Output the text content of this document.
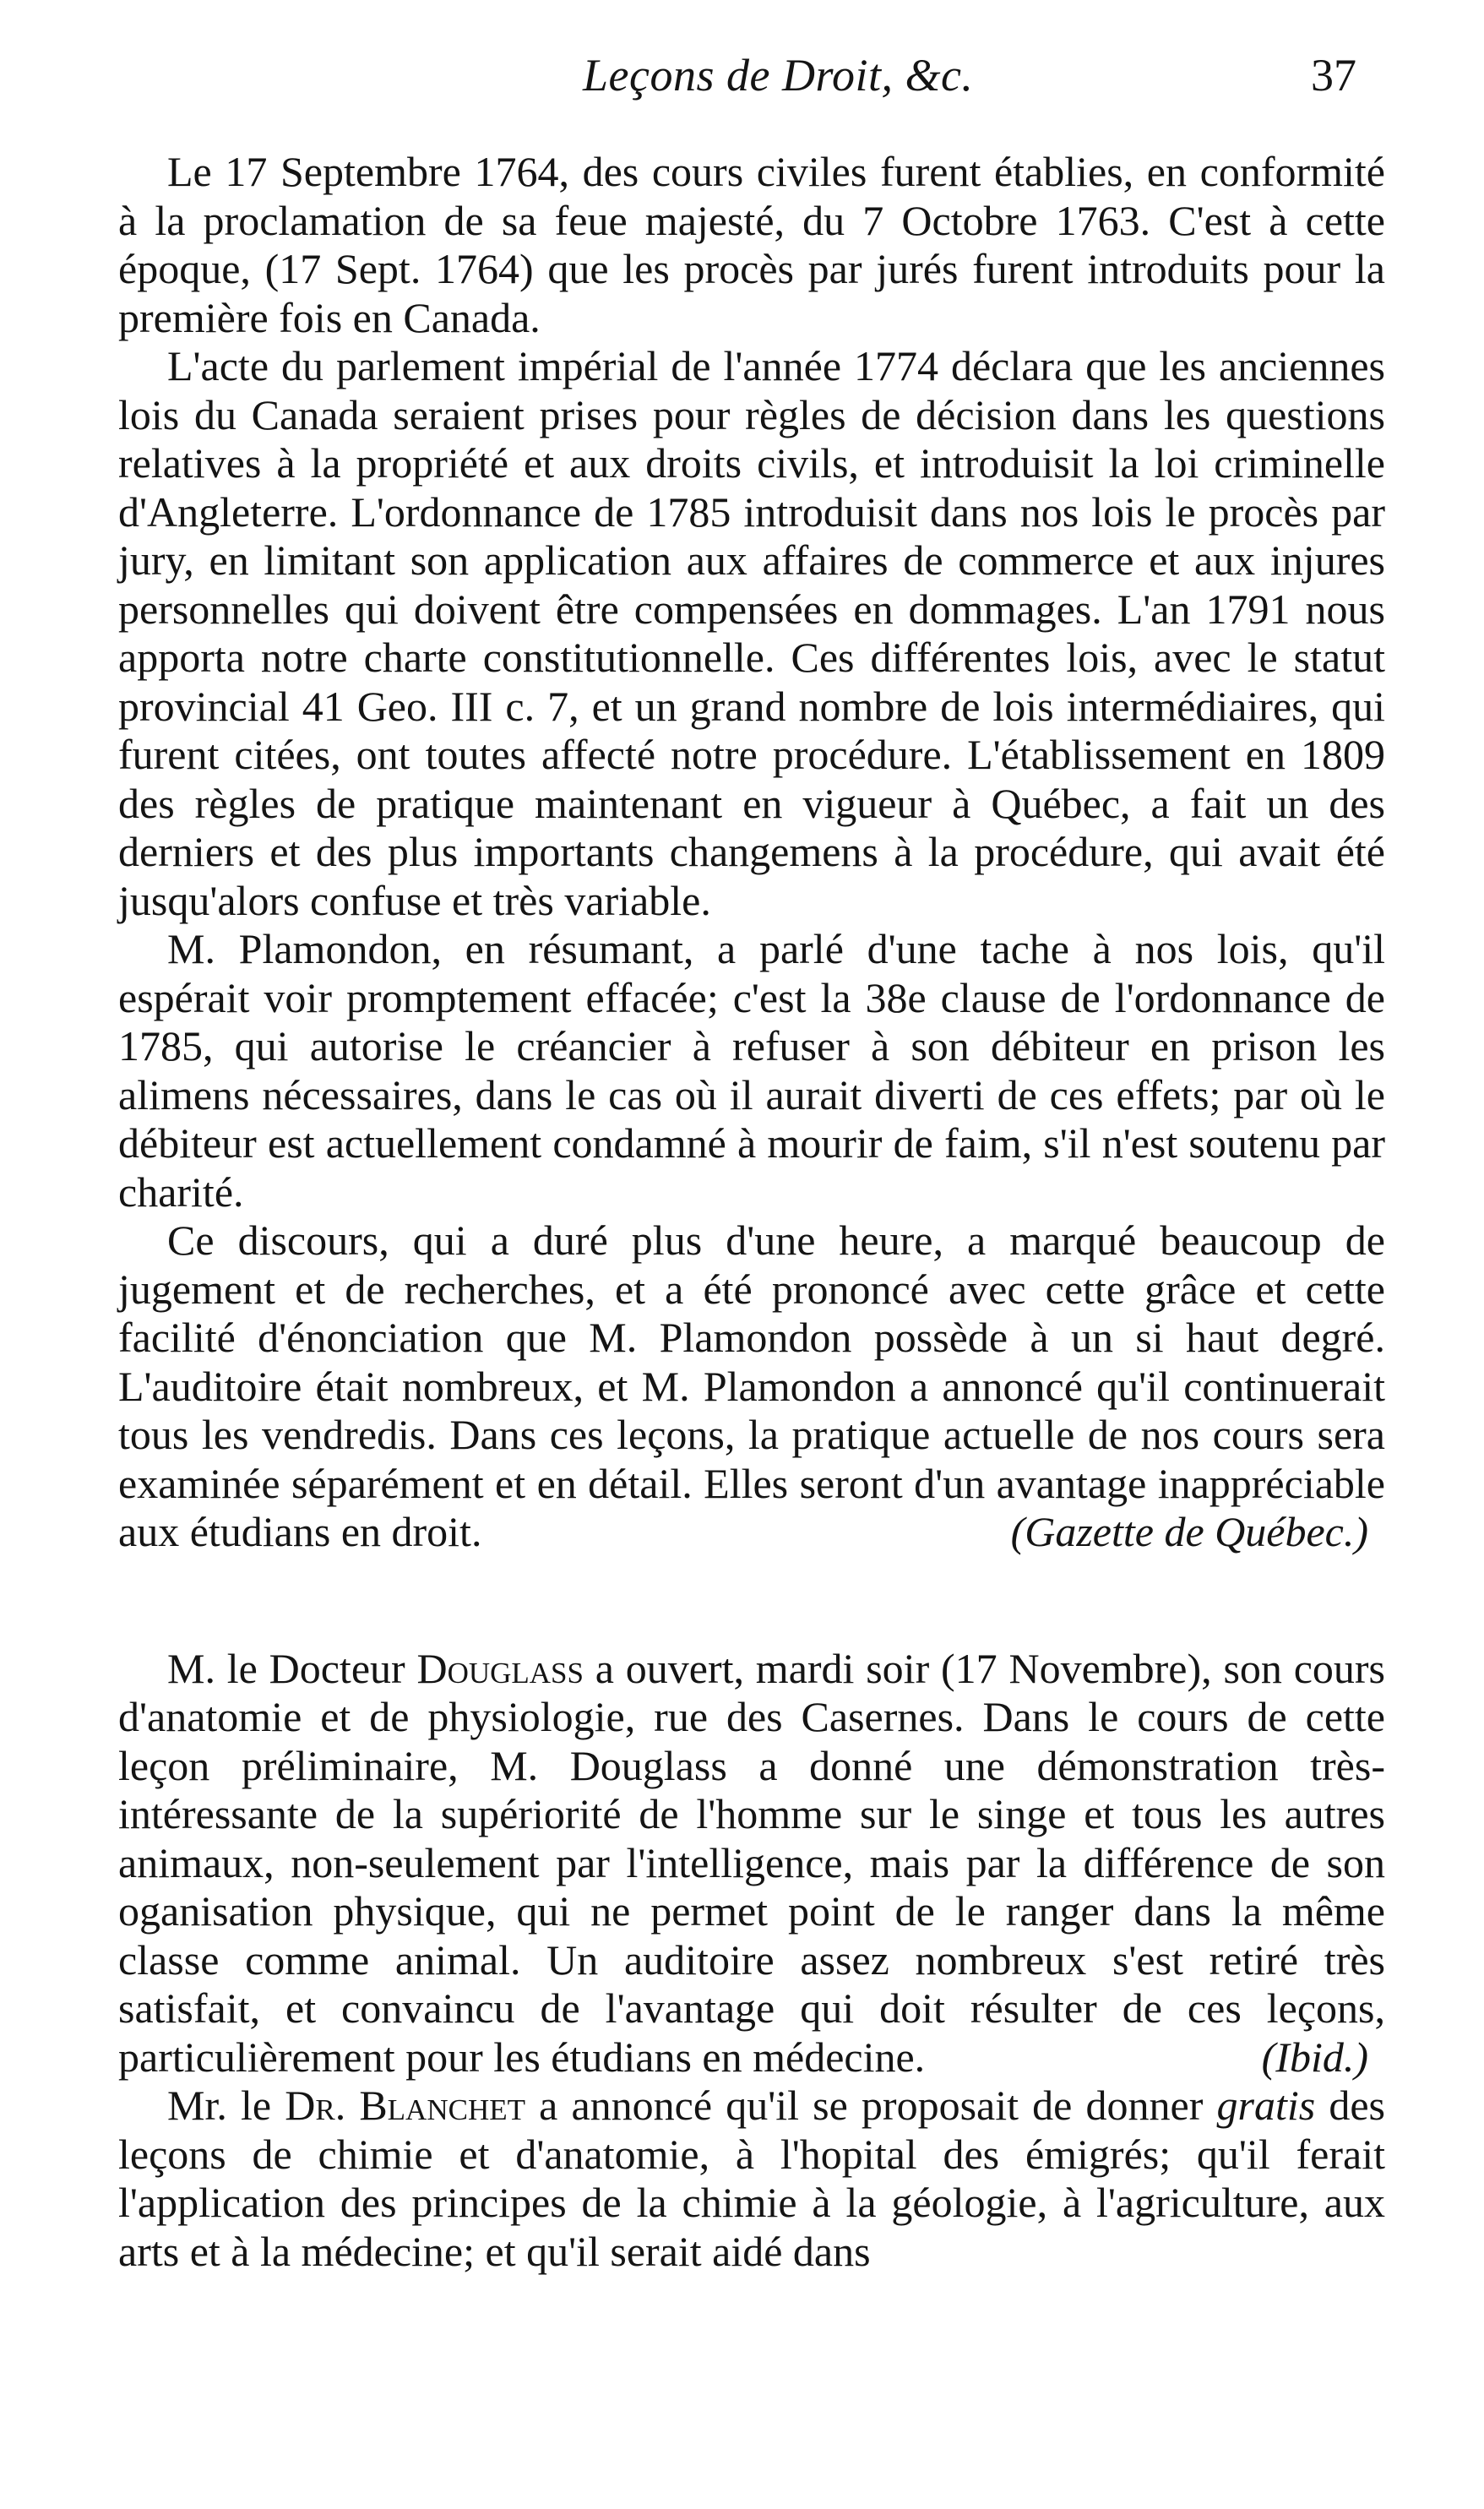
Leçons de Droit, &c.	37

Le 17 Septembre 1764, des cours civiles furent établies, en conformité à la proclamation de sa feue majesté, du 7 Octobre 1763. C'est à cette époque, (17 Sept. 1764) que les procès par jurés furent introduits pour la première fois en Canada.

L'acte du parlement impérial de l'année 1774 déclara que les anciennes lois du Canada seraient prises pour règles de décision dans les questions relatives à la propriété et aux droits civils, et introduisit la loi criminelle d'Angleterre. L'ordonnance de 1785 introduisit dans nos lois le procès par jury, en limitant son application aux affaires de commerce et aux injures personnelles qui doivent être compensées en dommages. L'an 1791 nous apporta notre charte constitutionnelle. Ces différentes lois, avec le statut provincial 41 Geo. III c. 7, et un grand nombre de lois intermédiaires, qui furent citées, ont toutes affecté notre procédure. L'établissement en 1809 des règles de pratique maintenant en vigueur à Québec, a fait un des derniers et des plus importants changemens à la procédure, qui avait été jusqu'alors confuse et très variable.

M. Plamondon, en résumant, a parlé d'une tache à nos lois, qu'il espérait voir promptement effacée; c'est la 38e clause de l'ordonnance de 1785, qui autorise le créancier à refuser à son débiteur en prison les alimens nécessaires, dans le cas où il aurait diverti de ces effets; par où le débiteur est actuellement condamné à mourir de faim, s'il n'est soutenu par charité.

Ce discours, qui a duré plus d'une heure, a marqué beaucoup de jugement et de recherches, et a été prononcé avec cette grâce et cette facilité d'énonciation que M. Plamondon possède à un si haut degré. L'auditoire était nombreux, et M. Plamondon a annoncé qu'il continuerait tous les vendredis. Dans ces leçons, la pratique actuelle de nos cours sera examinée séparément et en détail. Elles seront d'un avantage inappréciable aux étudians en droit.	(Gazette de Québec.)

M. le Docteur Douglass a ouvert, mardi soir (17 Novembre), son cours d'anatomie et de physiologie, rue des Casernes. Dans le cours de cette leçon préliminaire, M. Douglass a donné une démonstration très-intéressante de la supériorité de l'homme sur le singe et tous les autres animaux, non-seulement par l'intelligence, mais par la différence de son oganisation physique, qui ne permet point de le ranger dans la même classe comme animal. Un auditoire assez nombreux s'est retiré très satisfait, et convaincu de l'avantage qui doit résulter de ces leçons, particulièrement pour les étudians en médecine.	(Ibid.)

Mr. le Dr. Blanchet a annoncé qu'il se proposait de donner gratis des leçons de chimie et d'anatomie, à l'hopital des émigrés; qu'il ferait l'application des principes de la chimie à la géologie, à l'agriculture, aux arts et à la médecine; et qu'il serait aidé dans
